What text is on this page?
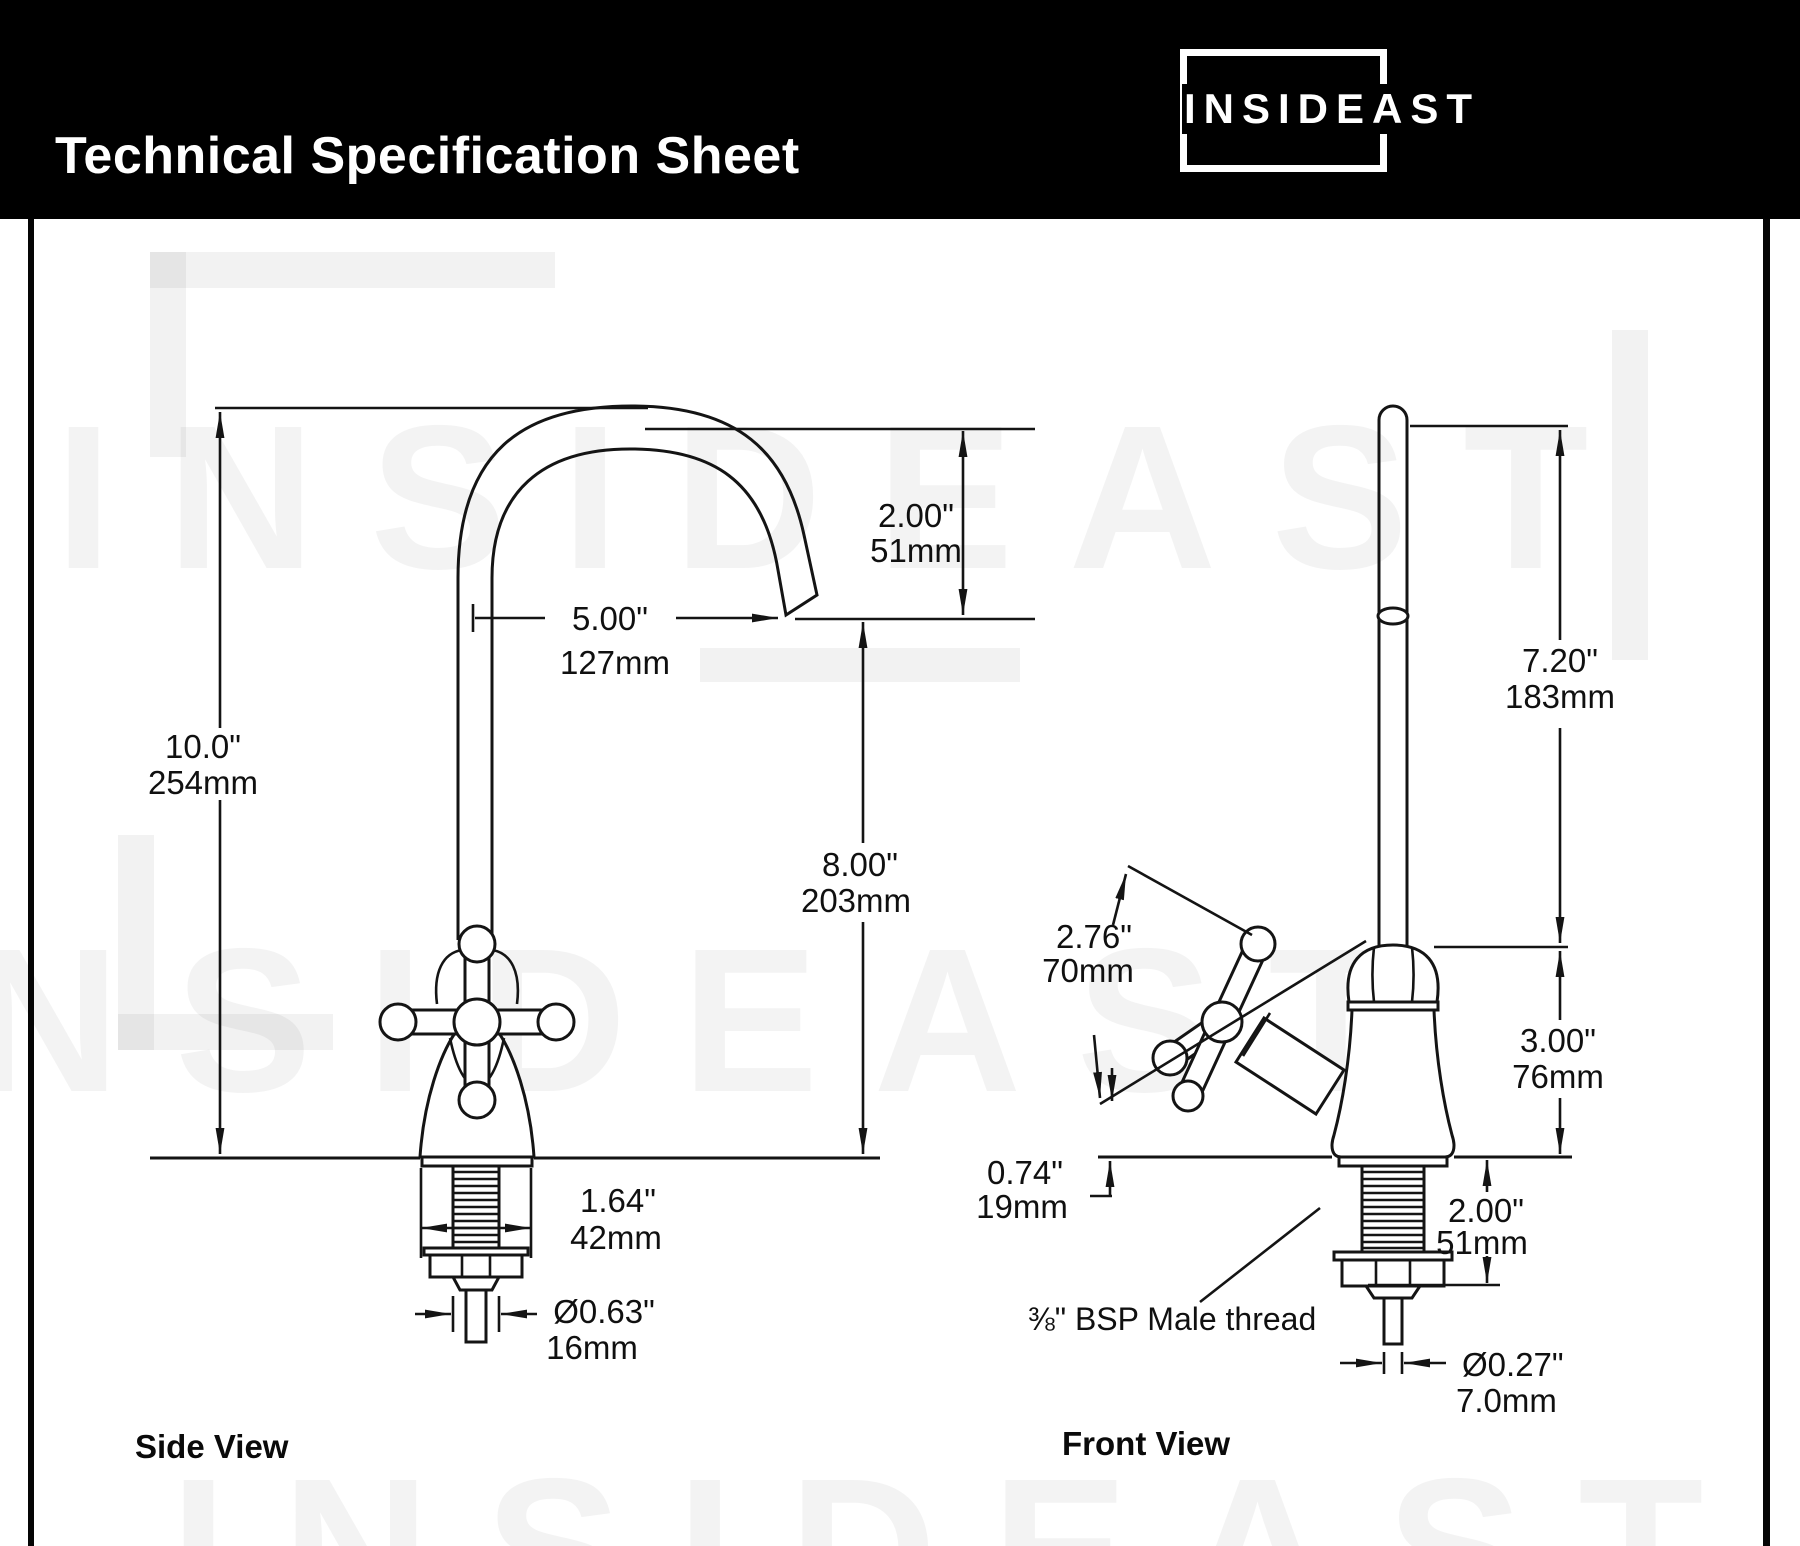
Technical Specification Sheet
INSIDEAST
10.0"
254mm
2.00"
51mm
5.00"
127mm
8.00"
203mm
1.64"
42mm
Ø0.63"
16mm
Side View
7.20"
183mm
3.00"
76mm
2.76"
70mm
0.74"
19mm	2.00"
51mm
Ø0.27"
7.0mm
⅜" BSP Male thread
Front View
